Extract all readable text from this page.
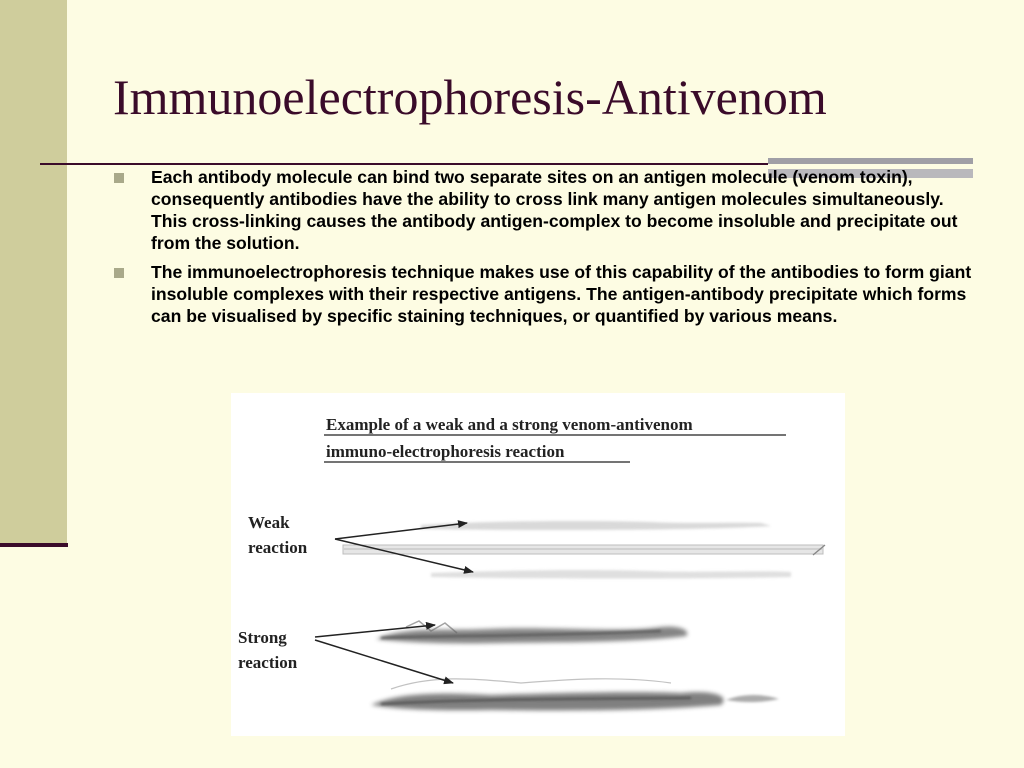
Immunoelectrophoresis-Antivenom
Each antibody molecule can bind two separate sites on an antigen molecule (venom toxin), consequently antibodies have the ability to cross link many antigen molecules simultaneously. This cross-linking causes the antibody antigen-complex to become insoluble and precipitate out from the solution.
The immunoelectrophoresis technique makes use of this capability of the antibodies to form giant insoluble complexes with their respective antigens. The antigen-antibody precipitate which forms can be visualised by specific staining techniques, or quantified by various means.
Example of a weak and a strong venom-antivenom
immuno-electrophoresis reaction
Weak
reaction
Strong
reaction
